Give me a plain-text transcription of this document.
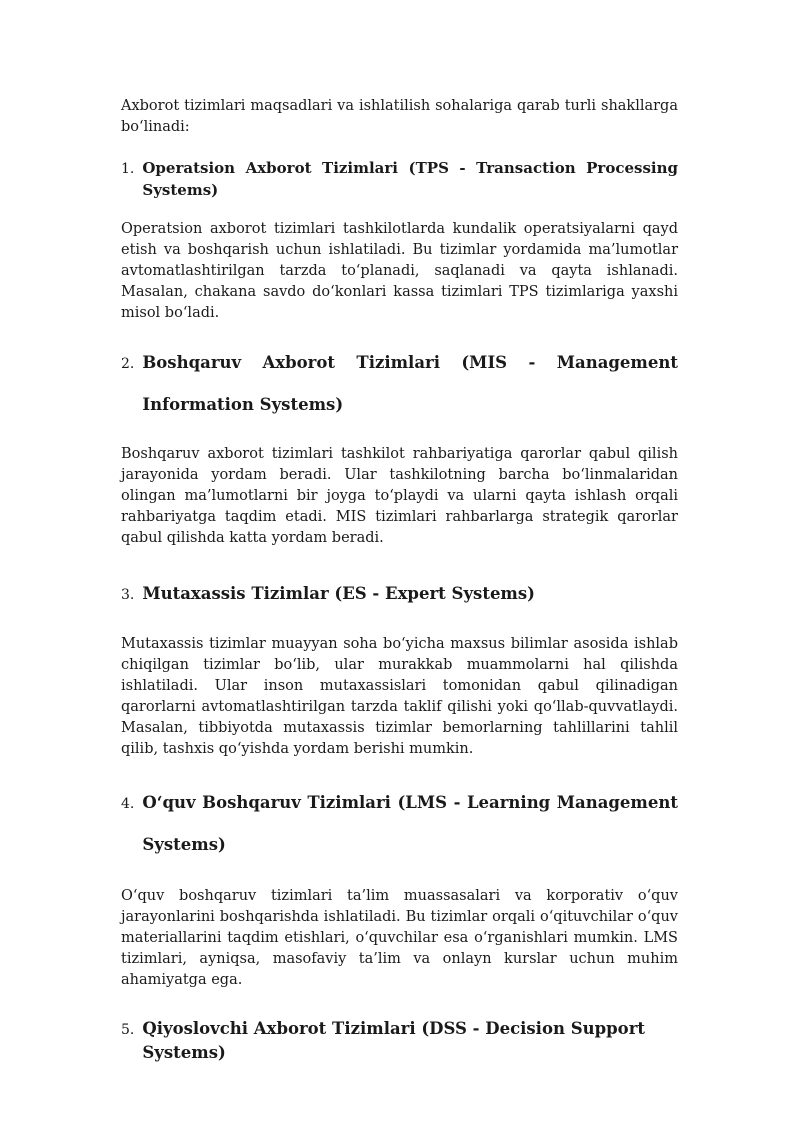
Axborot tizimlari maqsadlari va ishlatilish sohalariga qarab turli shakllarga bo‘linadi:

1. Operatsion Axborot Tizimlari (TPS - Transaction Processing Systems)

Operatsion axborot tizimlari tashkilotlarda kundalik operatsiyalarni qayd etish va boshqarish uchun ishlatiladi. Bu tizimlar yordamida ma’lumotlar avtomatlashtirilgan tarzda to‘planadi, saqlanadi va qayta ishlanadi. Masalan, chakana savdo do‘konlari kassa tizimlari TPS tizimlariga yaxshi misol bo‘ladi.

2. Boshqaruv Axborot Tizimlari (MIS - Management Information Systems)

Boshqaruv axborot tizimlari tashkilot rahbariyatiga qarorlar qabul qilish jarayonida yordam beradi. Ular tashkilotning barcha bo‘linmalaridan olingan ma’lumotlarni bir joyga to‘playdi va ularni qayta ishlash orqali rahbariyatga taqdim etadi. MIS tizimlari rahbarlarga strategik qarorlar qabul qilishda katta yordam beradi.

3. Mutaxassis Tizimlar (ES - Expert Systems)

Mutaxassis tizimlar muayyan soha bo‘yicha maxsus bilimlar asosida ishlab chiqilgan tizimlar bo‘lib, ular murakkab muammolarni hal qilishda ishlatiladi. Ular inson mutaxassislari tomonidan qabul qilinadigan qarorlarni avtomatlashtirilgan tarzda taklif qilishi yoki qo‘llab-quvvatlaydi. Masalan, tibbiyotda mutaxassis tizimlar bemorlarning tahlillarini tahlil qilib, tashxis qo‘yishda yordam berishi mumkin.

4. O‘quv Boshqaruv Tizimlari (LMS - Learning Management Systems)

O‘quv boshqaruv tizimlari ta’lim muassasalari va korporativ o‘quv jarayonlarini boshqarishda ishlatiladi. Bu tizimlar orqali o‘qituvchilar o‘quv materiallarini taqdim etishlari, o‘quvchilar esa o‘rganishlari mumkin. LMS tizimlari, ayniqsa, masofaviy ta’lim va onlayn kurslar uchun muhim ahamiyatga ega.

5. Qiyoslovchi Axborot Tizimlari (DSS - Decision Support Systems)
